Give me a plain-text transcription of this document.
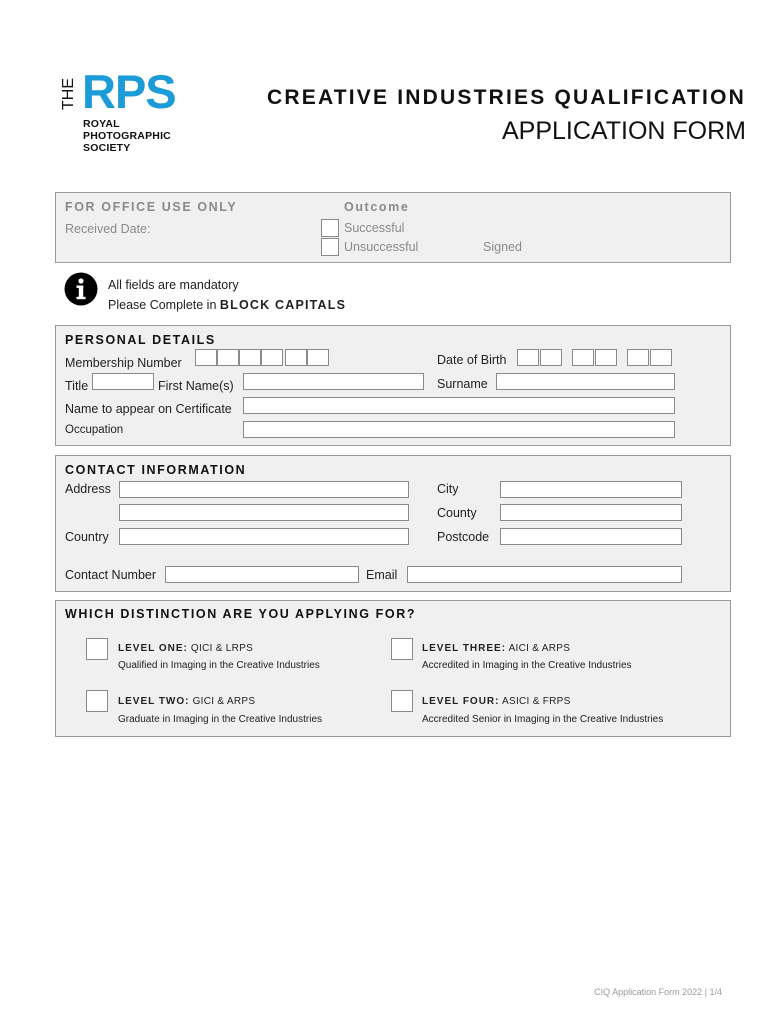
THE RPS
ROYAL
PHOTOGRAPHIC
SOCIETY
CREATIVE INDUSTRIES QUALIFICATION
APPLICATION FORM
FOR OFFICE USE ONLY
Received Date:
Outcome
Successful
Unsuccessful	Signed
All fields are mandatory
Please Complete in BLOCK CAPITALS
PERSONAL DETAILS
Membership Number	Date of Birth
Title	First Name(s)	Surname
Name to appear on Certificate
Occupation
CONTACT INFORMATION
Address
Country
City
County
Postcode
Contact Number	Email
WHICH DISTINCTION ARE YOU APPLYING FOR?
LEVEL ONE: QICI & LRPS
Qualified in Imaging in the Creative Industries
LEVEL TWO: GICI & ARPS
Graduate in Imaging in the Creative Industries
LEVEL THREE: AICI & ARPS
Accredited in Imaging in the Creative Industries
LEVEL FOUR: ASICI & FRPS
Accredited Senior in Imaging in the Creative Industries
CIQ Application Form 2022 | 1/4
